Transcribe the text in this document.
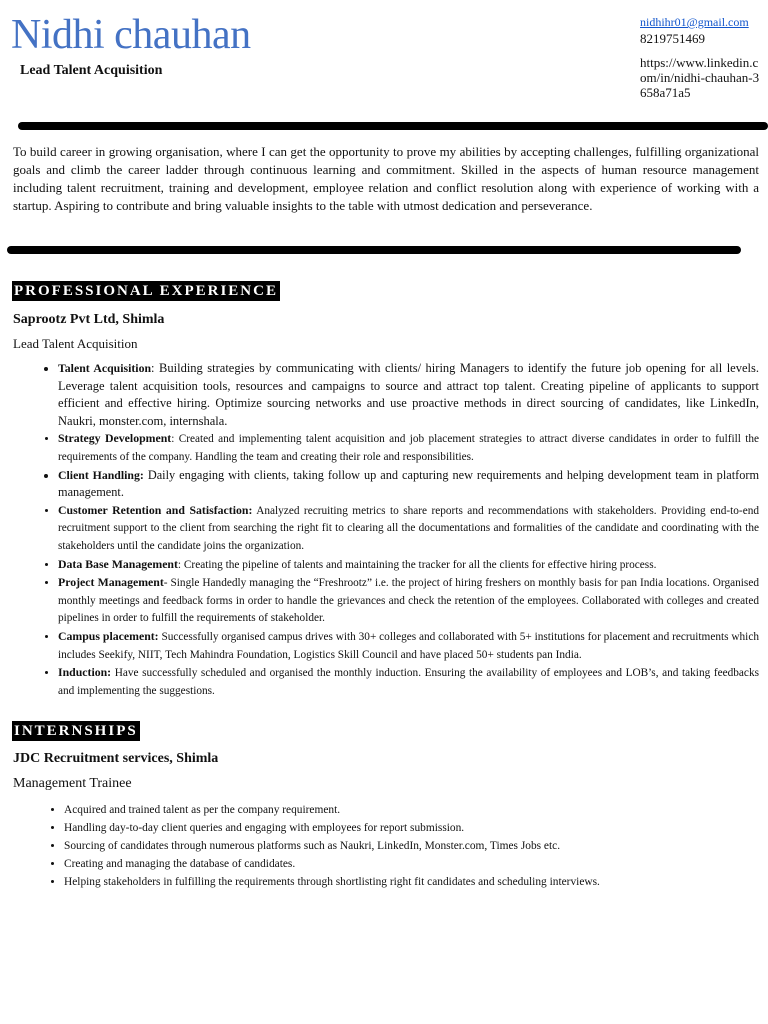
Nidhi chauhan
Lead Talent Acquisition
nidhihr01@gmail.com
8219751469
https://www.linkedin.com/in/nidhi-chauhan-3658a71a5
To build career in growing organisation, where I can get the opportunity to prove my abilities by accepting challenges, fulfilling organizational goals and climb the career ladder through continuous learning and commitment. Skilled in the aspects of human resource management including talent recruitment, training and development, employee relation and conflict resolution along with experience of working with a startup. Aspiring to contribute and bring valuable insights to the table with utmost dedication and perseverance.
PROFESSIONAL EXPERIENCE
Saprootz Pvt Ltd, Shimla
Lead Talent Acquisition
• Talent Acquisition: Building strategies by communicating with clients/ hiring Managers to identify the future job opening for all levels. Leverage talent acquisition tools, resources and campaigns to source and attract top talent. Creating pipeline of applicants to support efficient and effective hiring. Optimize sourcing networks and use proactive methods in direct sourcing of candidates, like LinkedIn, Naukri, monster.com, internshala.
• Strategy Development: Created and implementing talent acquisition and job placement strategies to attract diverse candidates in order to fulfill the requirements of the company. Handling the team and creating their role and responsibilities.
• Client Handling: Daily engaging with clients, taking follow up and capturing new requirements and helping development team in platform management.
• Customer Retention and Satisfaction: Analyzed recruiting metrics to share reports and recommendations with stakeholders. Providing end-to-end recruitment support to the client from searching the right fit to clearing all the documentations and formalities of the candidate and coordinating with the stakeholders until the candidate joins the organization.
• Data Base Management: Creating the pipeline of talents and maintaining the tracker for all the clients for effective hiring process.
• Project Management- Single Handedly managing the “Freshrootz” i.e. the project of hiring freshers on monthly basis for pan India locations. Organised monthly meetings and feedback forms in order to handle the grievances and check the retention of the employees. Collaborated with colleges and created pipelines in order to fulfill the requirements of stakeholder.
• Campus placement: Successfully organised campus drives with 30+ colleges and collaborated with 5+ institutions for placement and recruitments which includes Seekify, NIIT, Tech Mahindra Foundation, Logistics Skill Council and have placed 50+ students pan India.
• Induction: Have successfully scheduled and organised the monthly induction. Ensuring the availability of employees and LOB’s, and taking feedbacks and implementing the suggestions.
INTERNSHIPS
JDC Recruitment services, Shimla
Management Trainee
• Acquired and trained talent as per the company requirement.
• Handling day-to-day client queries and engaging with employees for report submission.
• Sourcing of candidates through numerous platforms such as Naukri, LinkedIn, Monster.com, Times Jobs etc.
• Creating and managing the database of candidates.
• Helping stakeholders in fulfilling the requirements through shortlisting right fit candidates and scheduling interviews.
